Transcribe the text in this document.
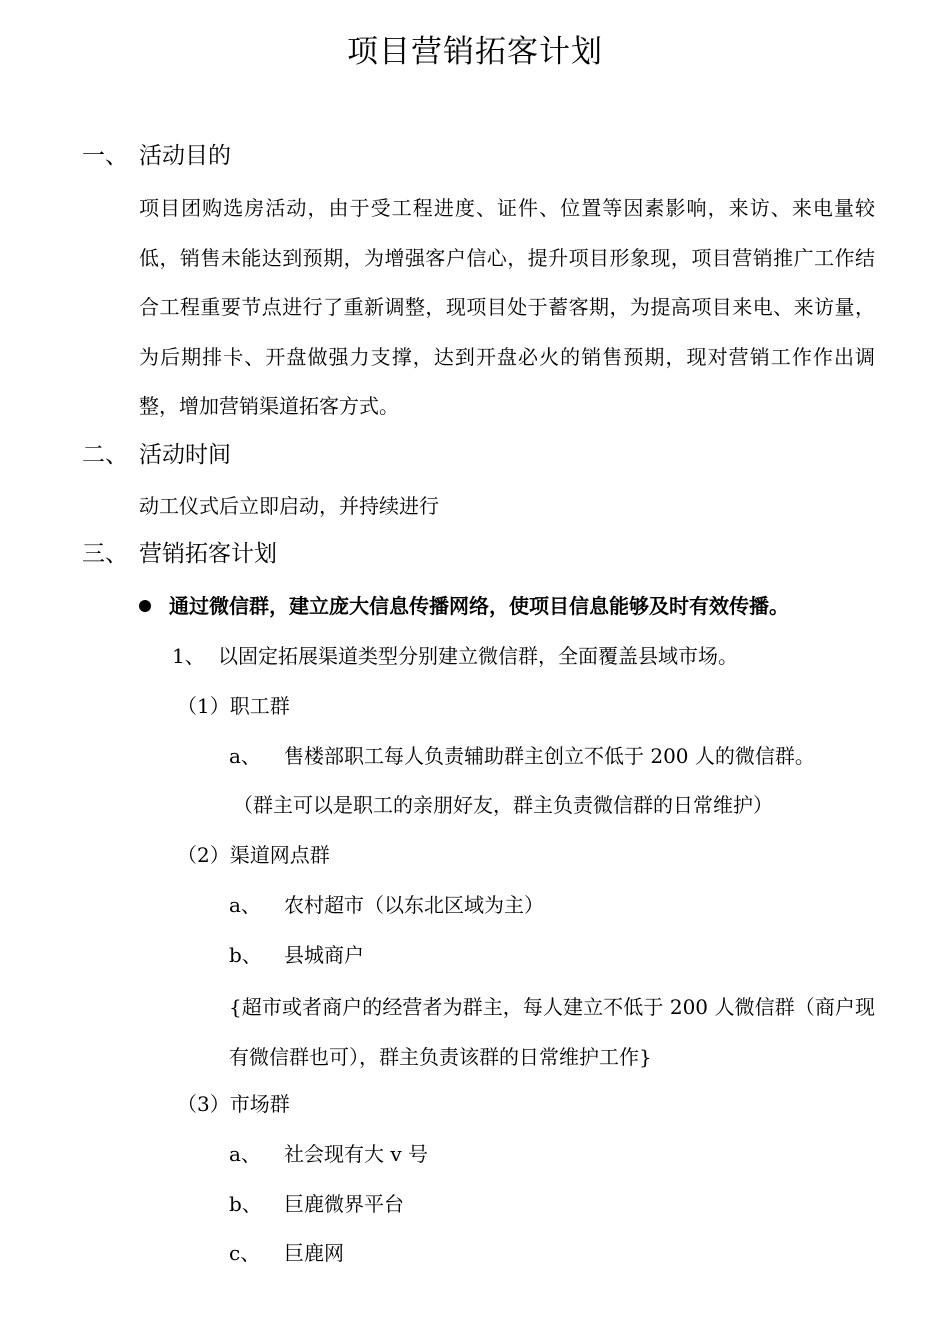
项目营销拓客计划
一、 活动目的
项目团购选房活动，由于受工程进度、证件、位置等因素影响，来访、来电量较低，销售未能达到预期，为增强客户信心，提升项目形象现，项目营销推广工作结合工程重要节点进行了重新调整，现项目处于蓄客期，为提高项目来电、来访量，为后期排卡、开盘做强力支撑，达到开盘必火的销售预期，现对营销工作作出调整，增加营销渠道拓客方式。
二、 活动时间
动工仪式后立即启动，并持续进行
三、 营销拓客计划
通过微信群，建立庞大信息传播网络，使项目信息能够及时有效传播。
1、 以固定拓展渠道类型分别建立微信群，全面覆盖县域市场。
（1）职工群
a、 售楼部职工每人负责辅助群主创立不低于 200 人的微信群。
（群主可以是职工的亲朋好友，群主负责微信群的日常维护）
（2）渠道网点群
a、 农村超市（以东北区域为主）
b、 县城商户
{超市或者商户的经营者为群主，每人建立不低于 200 人微信群（商户现有微信群也可），群主负责该群的日常维护工作}
（3）市场群
a、 社会现有大 v 号
b、 巨鹿微界平台
c、 巨鹿网
